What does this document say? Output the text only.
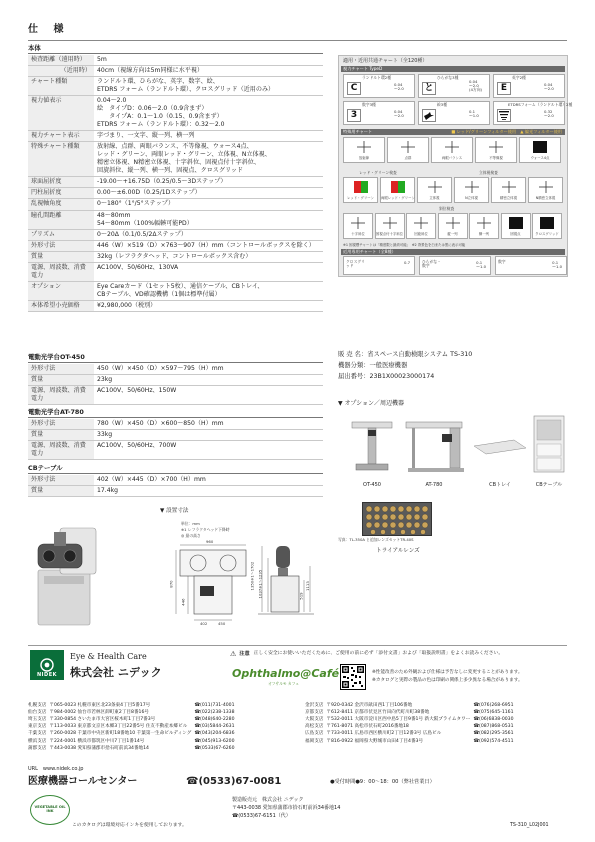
仕 様
本体
検査距離（遠用時）	5m
（近用時）	40cm（視線方向は5m同様に水平視）
チャート種類	ランドルト環、ひらがな、英字、数字、絵、
ETDRS フォーム（ランドルト環）、クロスグリッド（近用のみ）
視力値表示	0.04～2.0
絵　タイプD：0.06～2.0（0.9含まず）
　　タイプA：0.1～1.0（0.15、0.9含まず）
ETDRS フォーム（ランドルト環）：0.32～2.0
視力チャート表示	字づまり、一文字、縦一列、横一列
特殊チャート種類	放射線、点群、両眼バランス、不等像視、ウォース4点、
レッド・グリーン、両眼レッド・グリーン、立体視、N立体視、
精密立体視、N精密立体視、十字斜位、固視点付十字斜位、
回旋斜位、縦一列、横一列、固視点、クロスグリッド
球面屈折度	-19.00～+16.75D（0.25/0.5～3Dステップ）
円柱屈折度	0.00～±6.00D（0.25/1Dステップ）
乱視軸角度	0～180°（1°/5°ステップ）
瞳孔間距離	48～80mm
54～80mm（100%輻輳可能PD）
プリズム	0～20Δ（0.1/0.5/2Δステップ）
外形寸法	446（W）×519（D）×763～907（H）mm（コントロールボックスを除く）
質量	32kg（レフラクタヘッド、コントロールボックス含む）
電源、周波数、消費電力	AC100V、50/60Hz、130VA
オプション	Eye Careカード（1セット5枚）、通信ケーブル、CBトレイ、
CBテーブル、VD確認機構（1個は標準付属）
本体希望小売価格	¥2,980,000（税別）
電動光学台OT-450
外形寸法	450（W）×450（D）×597～795（H）mm
質量	23kg
電源、周波数、消費電力	AC100V、50/60Hz、150W
電動光学台AT-780
外形寸法	780（W）×450（D）×600～850（H）mm
質量	33kg
電源、周波数、消費電力	AC100V、50/60Hz、700W
CBテーブル
外形寸法	402（W）×445（D）×700（H）mm
質量	17.4kg
▼ 設置寸法
単位：mm
※1 レフラクタヘッド下降時
◎ 最の高さ
960
870
446
402	450
1350※1～1702 1037※1～1235	519
1113
適用・近用共通チャート（全120種）
視力チャート TypeD
ランドルト環2種
C	0.04
～2.0
ひらがな3種
と
0.04
～2.0
(4方向)
英字2種
E	0.04
～2.0
数字3種
3	0.04
～2.0
絵3種
0.1
～1.0
ETDRSフォーム（ランドルト環）2種
0.32
～2.0
特殊用チャート	■ レッド/グリーンフィルター使用　▲ 偏光フィルター使用
放射線	点群	両眼バランス	不等像視	ウォース4点
レッド・グリーン検査	立体視検査
レッド・グリーン	両眼レッド・グリーン	立体視	N立体視	精密立体視	N精密立体視
斜位検査
十字斜位	固視点付十字斜位	回旋斜位	縦一列	横一列	固視点	クロスグリッド
※1 固視標チャートは「精度限と最終可能」　※2 背景色を白または黒に表示可能
近用専用チャート（全8種）
クロスグリッド
0.7	ひらがな・数字
0.1
～1.0
数字	0.1
～1.0
販 売 名：省スペース自動検眼システム TS-310
機器分類：一般医療機器
届出番号：23B1X00023000174
▼ オプション／周辺機器
OT-450	AT-780	CBトレイ	CBテーブル
写真：TL-350A と追加レンズセットTR-40S
トライアルレンズ
NIDEK
Eye & Health Care
株式会社 ニデック
⚠ 注意 正しく安全にお使いいただくために、ご使用の前に必ず「添付文書」および「取扱説明書」をよくお読みください。
Ophthalmo@Café
オフサルモ カフェ
※性能改善のため外観および仕様は予告なしに変更することがあります。
※カタログと実際の製品の色は印刷の関係上多少異なる場合があります。
札幌支店	〒065-0023 札幌市東区北23条東4丁目5番17号	☎(011)731-4001
仙台支店	〒984-0002 仙台市若林区卸町東2丁目8番16号	☎(022)238-1338
埼玉支店	〒330-0854 さいたま市大宮区桜木町1丁目7番3号	☎(048)640-2280
東京支店	〒113-0033 東京都文京区本郷3丁目22番5号 住友不動産本郷ビル	☎(03)5844-2631
千葉支店	〒260-0028 千葉市中央区新町18番地10 千葉第一生命ビルディング	☎(043)204-6836
横浜支店	〒224-0001 横浜市都筑区中川7丁目1番14号	☎(045)913-6200
蒲郡支店	〒443-0038 愛知県蒲郡市拾石町前浜34番地14	☎(0533)67-6260
金沢支店	〒920-0342 金沢市畝田西1丁目106番地	☎(076)268-6951
京都支店	〒612-8411 京都市伏見区竹田向代町川町38番地	☎(075)645-1161
大阪支店	〒532-0011 大阪市淀川区西中島5丁目9番1号 新大阪プライムタワー	☎(06)6838-0030
高松支店	〒761-8071 高松市伏石町2016番地18	☎(087)868-0531
広島支店	〒733-0011 広島市西区横川町2丁目12番3号 広島ビル	☎(082)295-3561
福岡支店	〒816-0922 福岡県大野城市山田4丁目4番3号	☎(092)574-4511
URL　www.nidek.co.jp
医療機器コールセンター	☎(0533)67-0081	●受付時間●9：00～18：00（弊社営業日）
VEGETABLE OIL INK
製造販売元　株式会社 ニデック
〒443-0038 愛知県蒲郡市拾石町前浜34番地14
☎(0533)67-6151（代）
このカタログは環境対応インキを使用しております。	TS-310_L02J001
